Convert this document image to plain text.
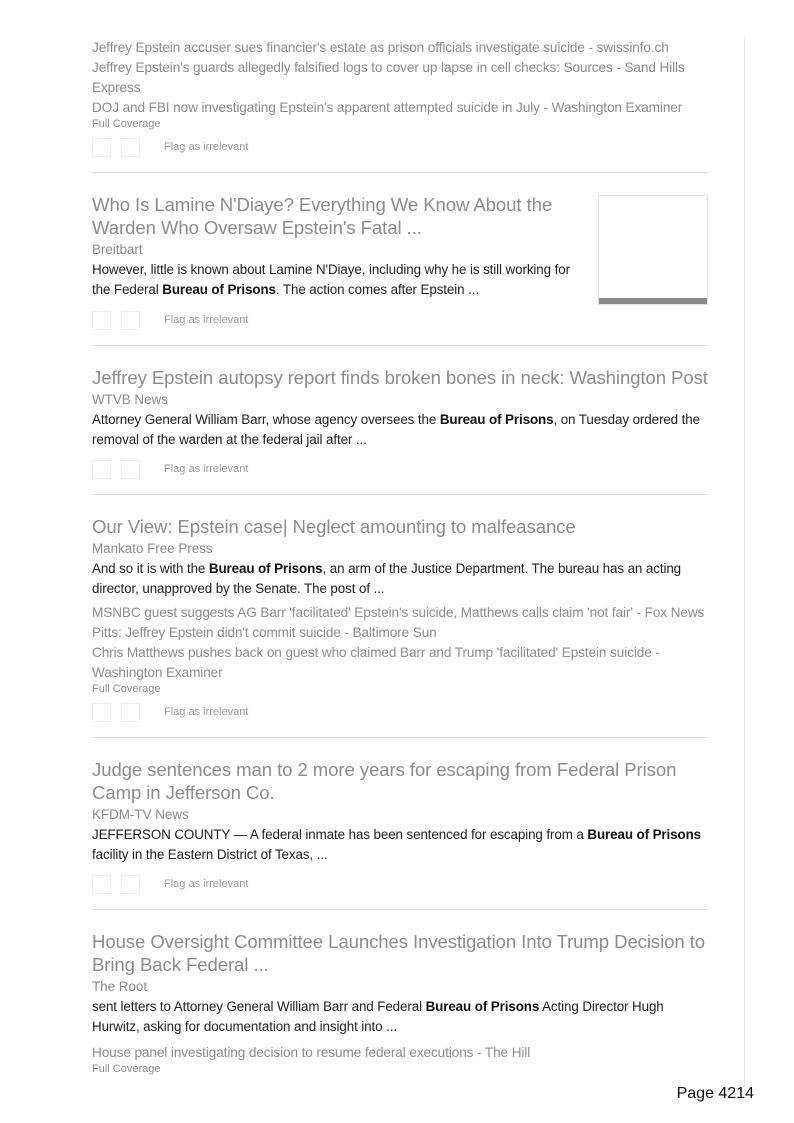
Jeffrey Epstein accuser sues financier's estate as prison officials investigate suicide - swissinfo.ch
Jeffrey Epstein's guards allegedly falsified logs to cover up lapse in cell checks: Sources - Sand Hills Express
DOJ and FBI now investigating Epstein's apparent attempted suicide in July - Washington Examiner
Full Coverage
Flag as irrelevant
Who Is Lamine N'Diaye? Everything We Know About the Warden Who Oversaw Epstein's Fatal ...
Breitbart
However, little is known about Lamine N'Diaye, including why he is still working for the Federal Bureau of Prisons. The action comes after Epstein ...
Flag as irrelevant
Jeffrey Epstein autopsy report finds broken bones in neck: Washington Post
WTVB News
Attorney General William Barr, whose agency oversees the Bureau of Prisons, on Tuesday ordered the removal of the warden at the federal jail after ...
Flag as irrelevant
Our View: Epstein case| Neglect amounting to malfeasance
Mankato Free Press
And so it is with the Bureau of Prisons, an arm of the Justice Department. The bureau has an acting director, unapproved by the Senate. The post of ...
MSNBC guest suggests AG Barr 'facilitated' Epstein's suicide, Matthews calls claim 'not fair' - Fox News
Pitts: Jeffrey Epstein didn't commit suicide - Baltimore Sun
Chris Matthews pushes back on guest who claimed Barr and Trump 'facilitated' Epstein suicide - Washington Examiner
Full Coverage
Flag as irrelevant
Judge sentences man to 2 more years for escaping from Federal Prison Camp in Jefferson Co.
KFDM-TV News
JEFFERSON COUNTY — A federal inmate has been sentenced for escaping from a Bureau of Prisons facility in the Eastern District of Texas, ...
Flag as irrelevant
House Oversight Committee Launches Investigation Into Trump Decision to Bring Back Federal ...
The Root
sent letters to Attorney General William Barr and Federal Bureau of Prisons Acting Director Hugh Hurwitz, asking for documentation and insight into ...
House panel investigating decision to resume federal executions - The Hill
Full Coverage
Page 4214
